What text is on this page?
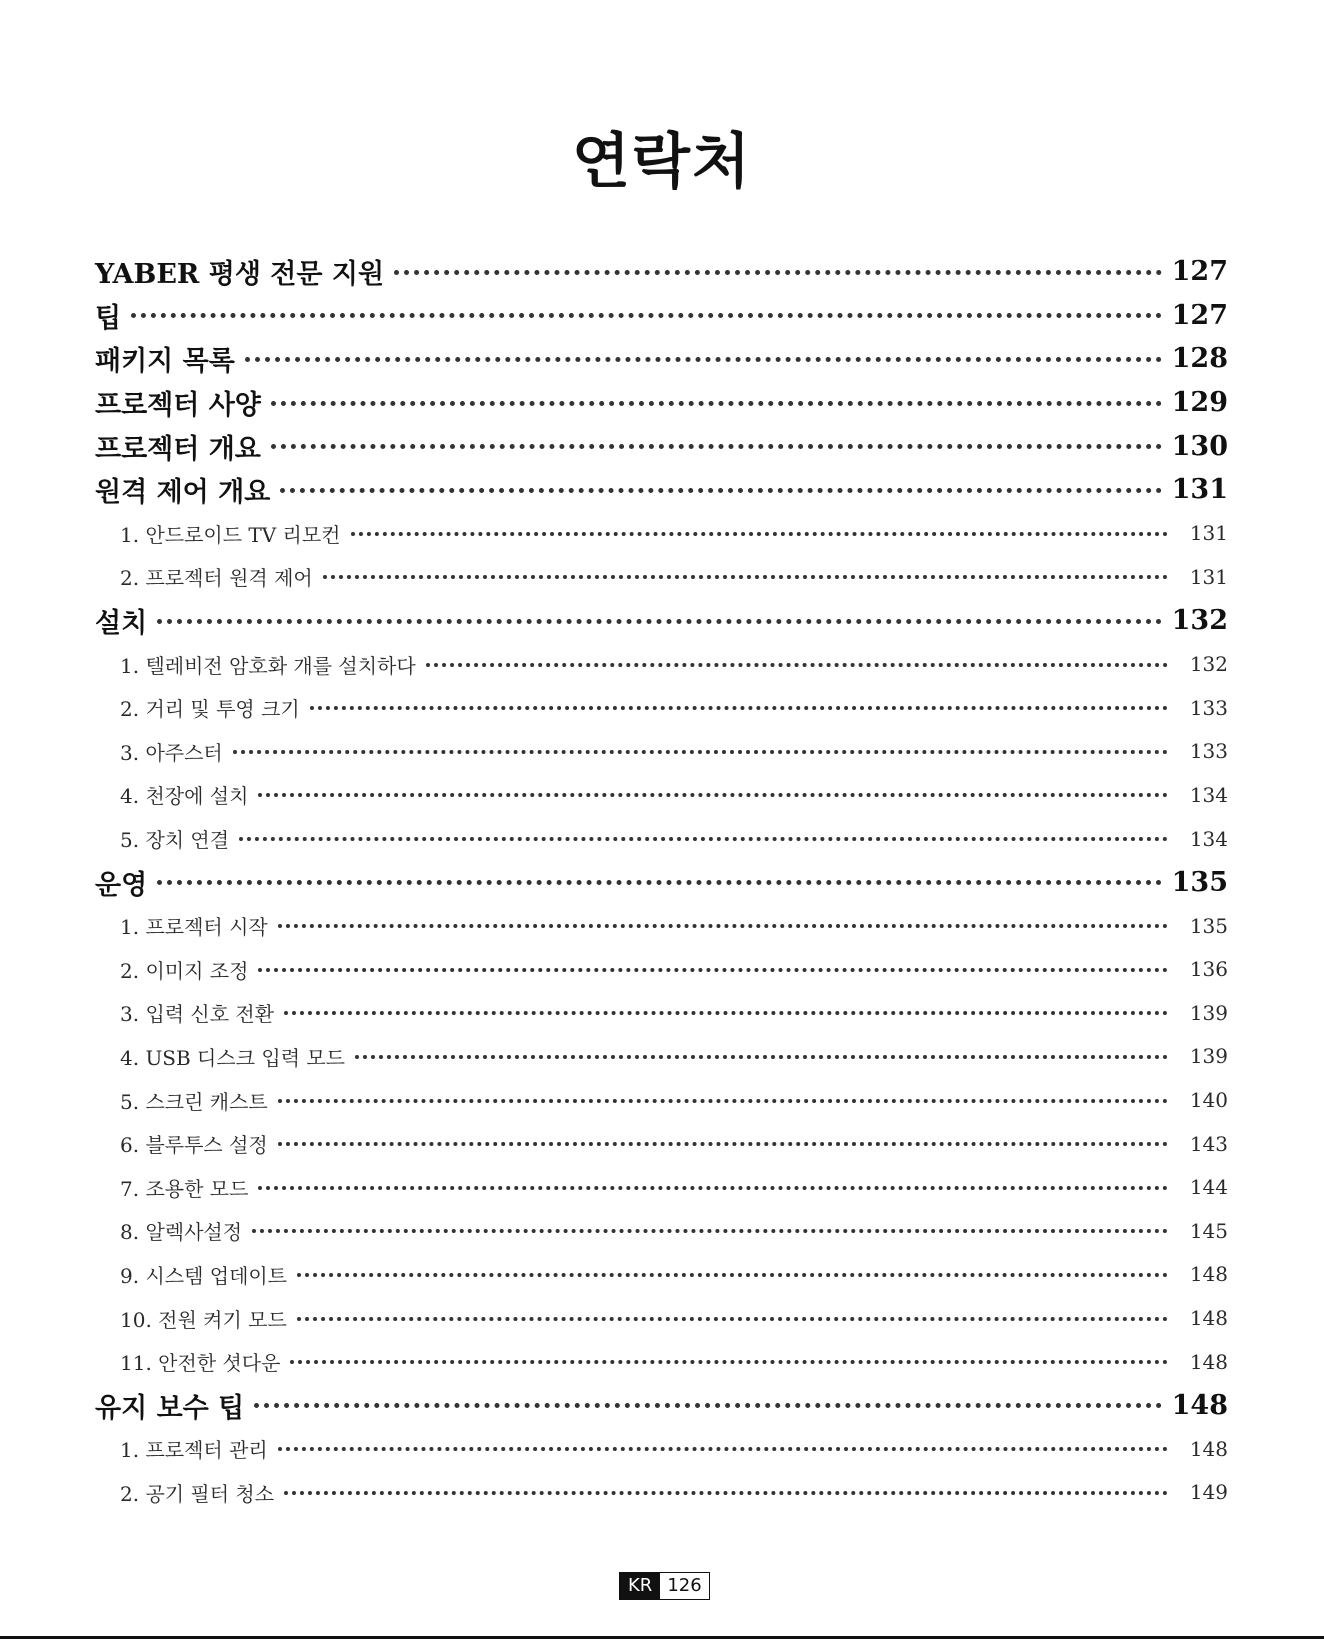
연락처
YABER 평생 전문 지원	127
팁	127
패키지 목록	128
프로젝터 사양	129
프로젝터 개요	130
원격 제어 개요	131
1. 안드로이드 TV 리모컨	131
2. 프로젝터 원격 제어	131
설치	132
1. 텔레비전 암호화 개를 설치하다	132
2. 거리 및 투영 크기	133
3. 아주스터	133
4. 천장에 설치	134
5. 장치 연결	134
운영	135
1. 프로젝터 시작	135
2. 이미지 조정	136
3. 입력 신호 전환	139
4. USB 디스크 입력 모드	139
5. 스크린 캐스트	140
6. 블루투스 설정	143
7. 조용한 모드	144
8. 알렉사설정	145
9. 시스템 업데이트	148
10. 전원 켜기 모드	148
11. 안전한 셧다운	148
유지 보수 팁	148
1. 프로젝터 관리	148
2. 공기 필터 청소	149
KR 126
